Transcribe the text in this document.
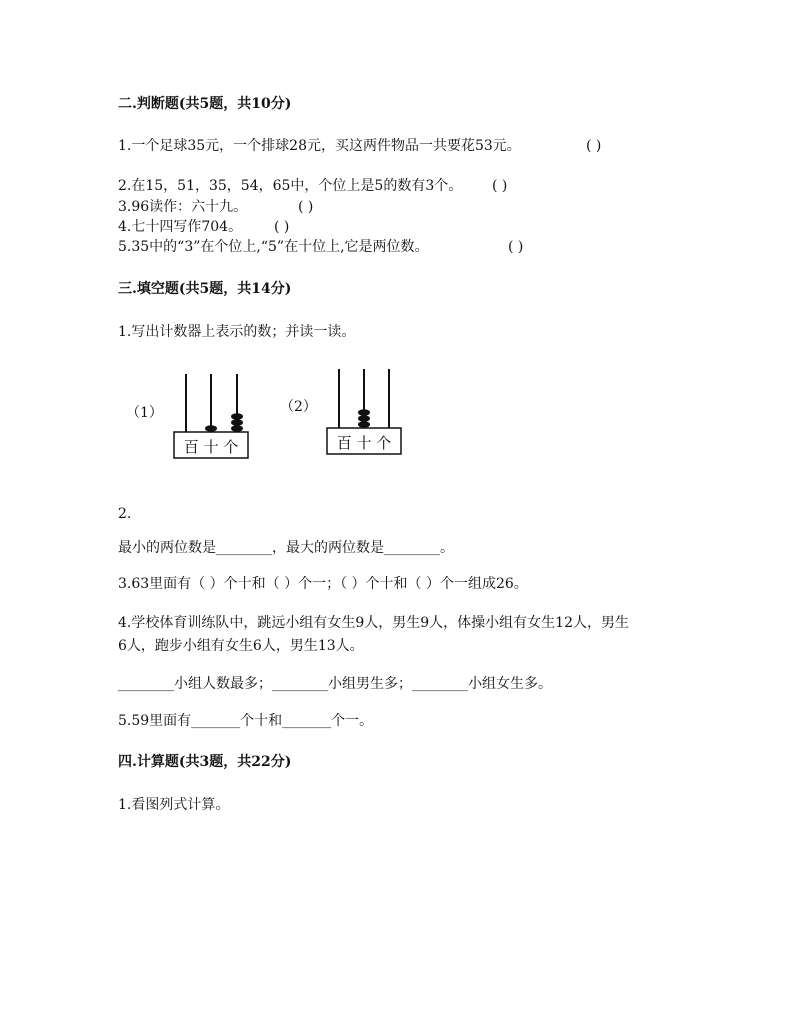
二.判断题(共5题，共10分)
1.一个足球35元，一个排球28元，买这两件物品一共要花53元。	( )
2.在15，51，35，54，65中，个位上是5的数有3个。 ( )
3.96读作：六十九。	( )
4.七十四写作704。 ( )
5.35中的“3”在个位上,“5”在十位上,它是两位数。	( )
三.填空题(共5题，共14分)
1.写出计数器上表示的数；并读一读。
（1）	（2）
百 十 个	百 十 个
2.
最小的两位数是________，最大的两位数是________。
3.63里面有（ ）个十和（ ）个一；（ ）个十和（ ）个一组成26。
4.学校体育训练队中，跳远小组有女生9人，男生9人，体操小组有女生12人，男生
6人，跑步小组有女生6人，男生13人。
________小组人数最多；________小组男生多；________小组女生多。
5.59里面有_______个十和_______个一。
四.计算题(共3题，共22分)
1.看图列式计算。
